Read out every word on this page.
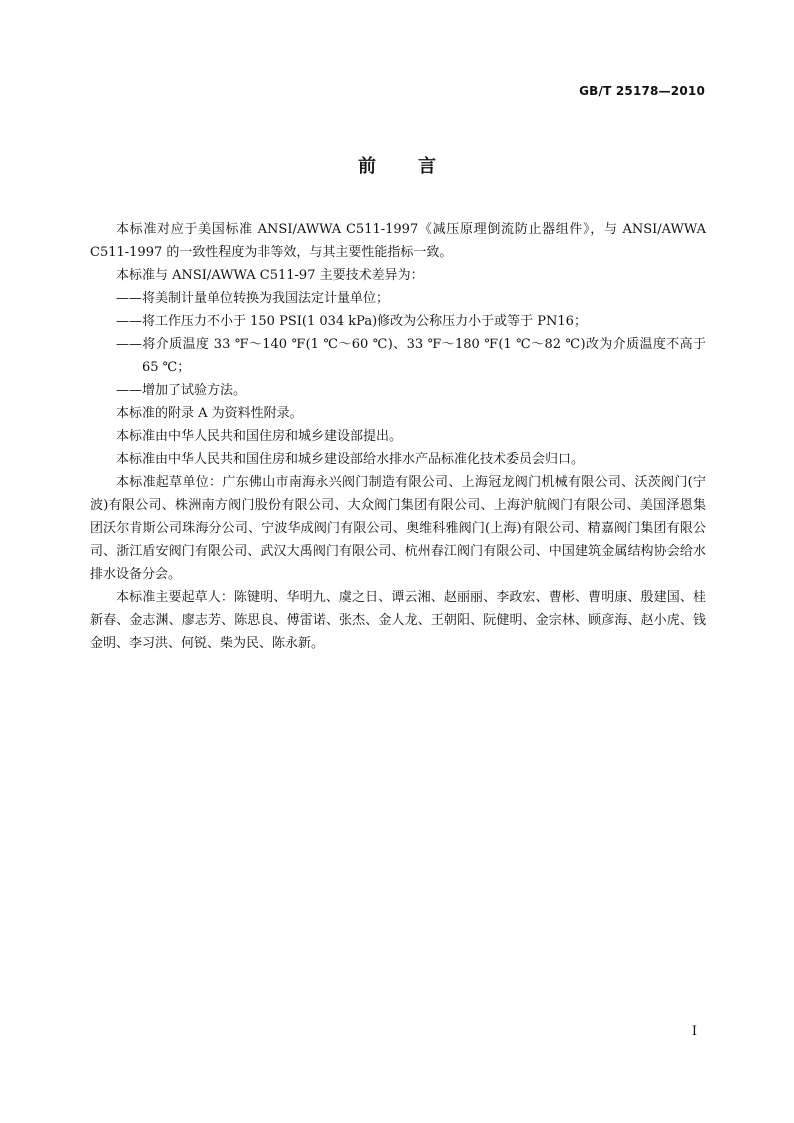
GB/T 25178—2010
前言

本标准对应于美国标准 ANSI/AWWA C511-1997《减压原理倒流防止器组件》，与 ANSI/AWWA C511-1997 的一致性程度为非等效，与其主要性能指标一致。

本标准与 ANSI/AWWA C511-97 主要技术差异为：

——将美制计量单位转换为我国法定计量单位；

——将工作压力不小于 150 PSI(1 034 kPa)修改为公称压力小于或等于 PN16；

——将介质温度 33 ℉～140 ℉(1 ℃～60 ℃)、33 ℉～180 ℉(1 ℃～82 ℃)改为介质温度不高于 65 ℃；

——增加了试验方法。

本标准的附录 A 为资料性附录。

本标准由中华人民共和国住房和城乡建设部提出。

本标准由中华人民共和国住房和城乡建设部给水排水产品标准化技术委员会归口。

本标准起草单位：广东佛山市南海永兴阀门制造有限公司、上海冠龙阀门机械有限公司、沃茨阀门(宁波)有限公司、株洲南方阀门股份有限公司、大众阀门集团有限公司、上海沪航阀门有限公司、美国泽恩集团沃尔肯斯公司珠海分公司、宁波华成阀门有限公司、奥维科雅阀门(上海)有限公司、精嘉阀门集团有限公司、浙江盾安阀门有限公司、武汉大禹阀门有限公司、杭州春江阀门有限公司、中国建筑金属结构协会给水排水设备分会。

本标准主要起草人：陈键明、华明九、虞之日、谭云湘、赵丽丽、李政宏、曹彬、曹明康、殷建国、桂新春、金志渊、廖志芳、陈思良、傅雷诺、张杰、金人龙、王朝阳、阮健明、金宗林、顾彦海、赵小虎、钱金明、李习洪、何锐、柴为民、陈永新。

I
